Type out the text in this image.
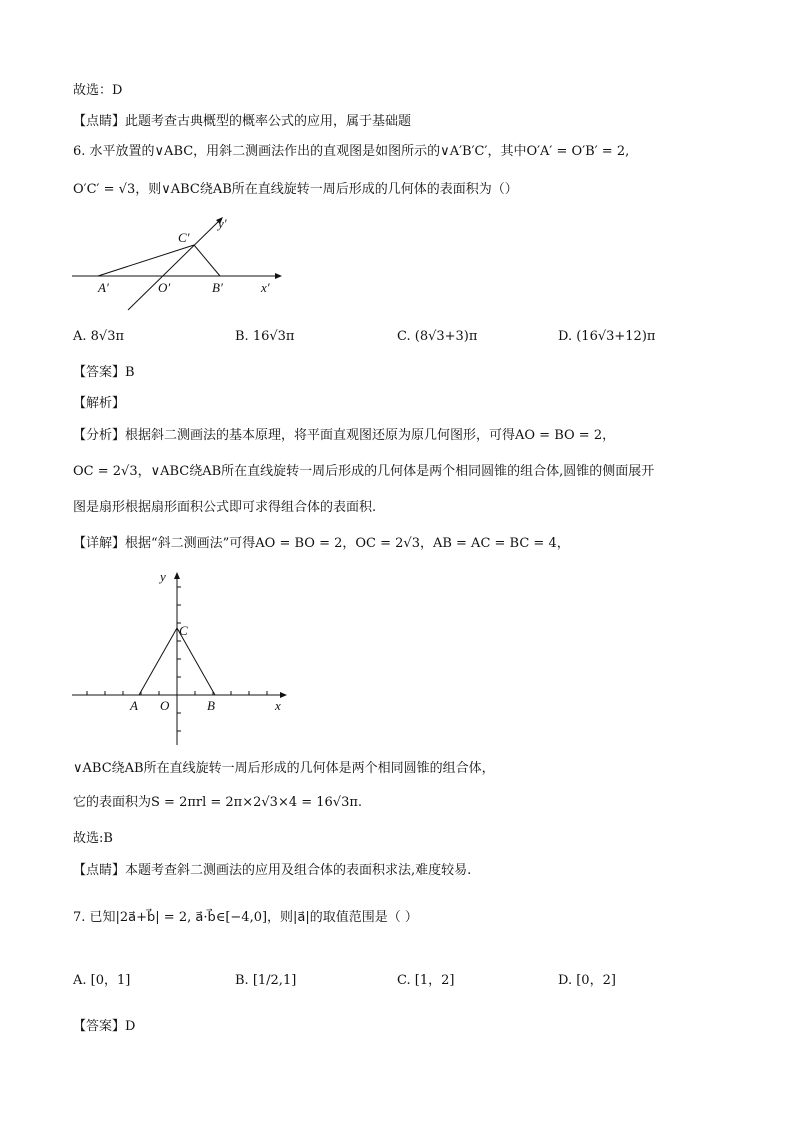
故选：D
【点睛】此题考查古典概型的概率公式的应用，属于基础题
6. 水平放置的∨ABC，用斜二测画法作出的直观图是如图所示的∨A′B′C′，其中O′A′ = O′B′ = 2,
O′C′ = √3，则∨ABC绕AB所在直线旋转一周后形成的几何体的表面积为（）
A′	O′	B′	x′
C′
y′
A. 8√3π	B. 16√3π	C. (8√3+3)π	D. (16√3+12)π
【答案】B
【解析】
【分析】根据斜二测画法的基本原理，将平面直观图还原为原几何图形，可得AO = BO = 2，
OC = 2√3，∨ABC绕AB所在直线旋转一周后形成的几何体是两个相同圆锥的组合体,圆锥的侧面展开
图是扇形根据扇形面积公式即可求得组合体的表面积.
【详解】根据“斜二测画法”可得AO = BO = 2，OC = 2√3，AB = AC = BC = 4，
A O	B	x
C
y
∨ABC绕AB所在直线旋转一周后形成的几何体是两个相同圆锥的组合体，
它的表面积为S = 2πrl = 2π×2√3×4 = 16√3π.
故选:B
【点睛】本题考查斜二测画法的应用及组合体的表面积求法,难度较易.
7. 已知|2a⃗+b⃗| = 2, a⃗·b⃗∈[−4,0]，则|a⃗|的取值范围是（ ）
A. [0，1]	B. [1/2,1]	C. [1，2]	D. [0，2]
【答案】D
